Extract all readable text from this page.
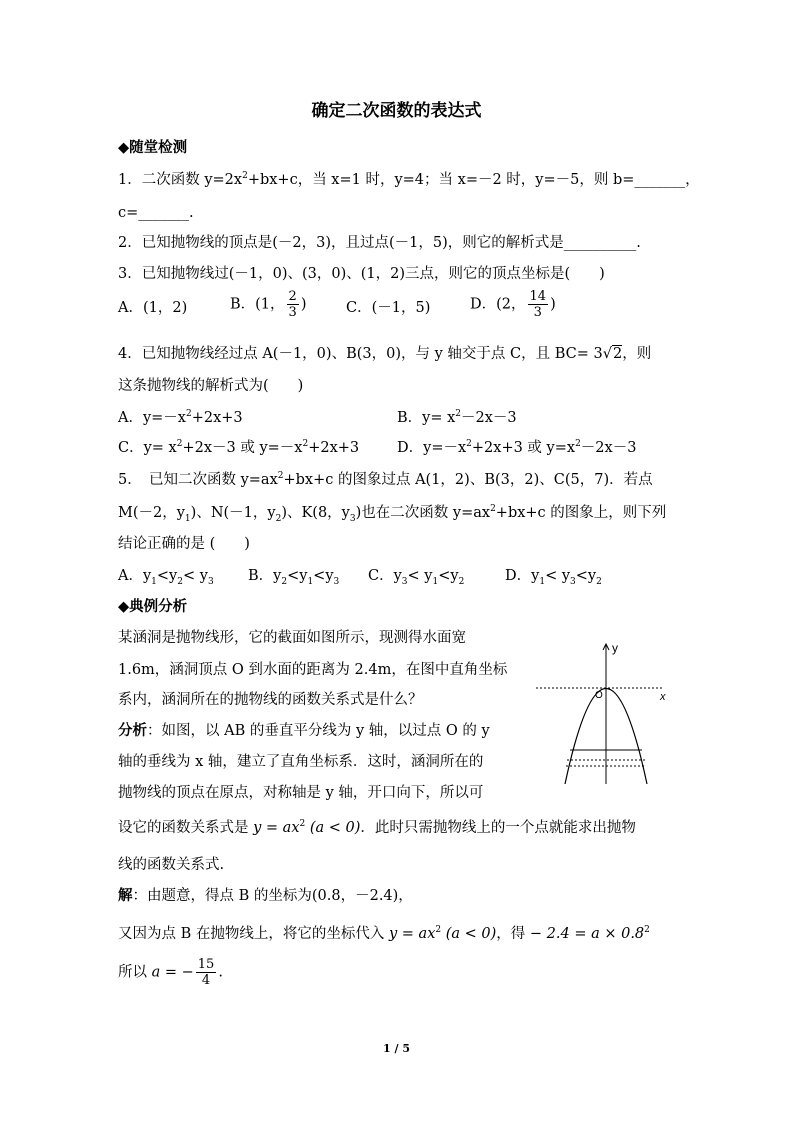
确定二次函数的表达式
◆随堂检测
1．二次函数 $y=2x^2+bx+c$，当 x=1 时，y=4；当 x=－2 时，y=－5，则 b=_______，
c=_______.
2．已知抛物线的顶点是(－2，3)，且过点(－1，5)，则它的解析式是__________.
3．已知抛物线过(－1，0)、(3，0)、(1，2)三点，则它的顶点坐标是(　　)
A．(1，2)	B．(1， $\frac{2}{3}$ )	C．(－1，5)	D．(2， $\frac{14}{3}$ )
4．已知抛物线经过点 A(－1，0)、B(3，0)，与 y 轴交于点 C，且 BC= 3√2，则
这条抛物线的解析式为(　　)
A．$y=-x^2+2x+3$	B．$y= x^2-2x-3$
C．$y= x^2+2x-3$ 或 $y=-x^2+2x+3$	D．$y=-x^2+2x+3$ 或 $y=x^2-2x-3$
5．　已知二次函数 $y=ax^2+bx+c$ 的图象过点 A(1，2)、B(3，2)、C(5，7)．若点
M(－2，$y_1$)、N(－1，$y_2$)、K(8，$y_3$)也在二次函数 $y=ax^2+bx+c$ 的图象上，则下列
结论正确的是 (　　)
A．$y_1<y_2< y_3$ B．$y_2<y_1<y_3$ C．$y_3< y_1<y_2$	D．$y_1< y_3<y_2$
◆典例分析
某涵洞是抛物线形，它的截面如图所示，现测得水面宽
1.6m，涵洞顶点 O 到水面的距离为 2.4m，在图中直角坐标
系内，涵洞所在的抛物线的函数关系式是什么？
分析：如图，以 AB 的垂直平分线为 y 轴，以过点 O 的 y
轴的垂线为 x 轴，建立了直角坐标系．这时，涵洞所在的
抛物线的顶点在原点，对称轴是 y 轴，开口向下，所以可
设它的函数关系式是 $y = ax^2$ (a < 0)．此时只需抛物线上的一个点就能求出抛物
线的函数关系式.
解：由题意，得点 B 的坐标为(0.8，－2.4)，
又因为点 B 在抛物线上，将它的坐标代入 $y = ax^2$ (a < 0)，得 − $2.4 = a \times 0.8^2$
所以 a = − $\frac{15}{4}$ .
y
x
O
1 / 5
